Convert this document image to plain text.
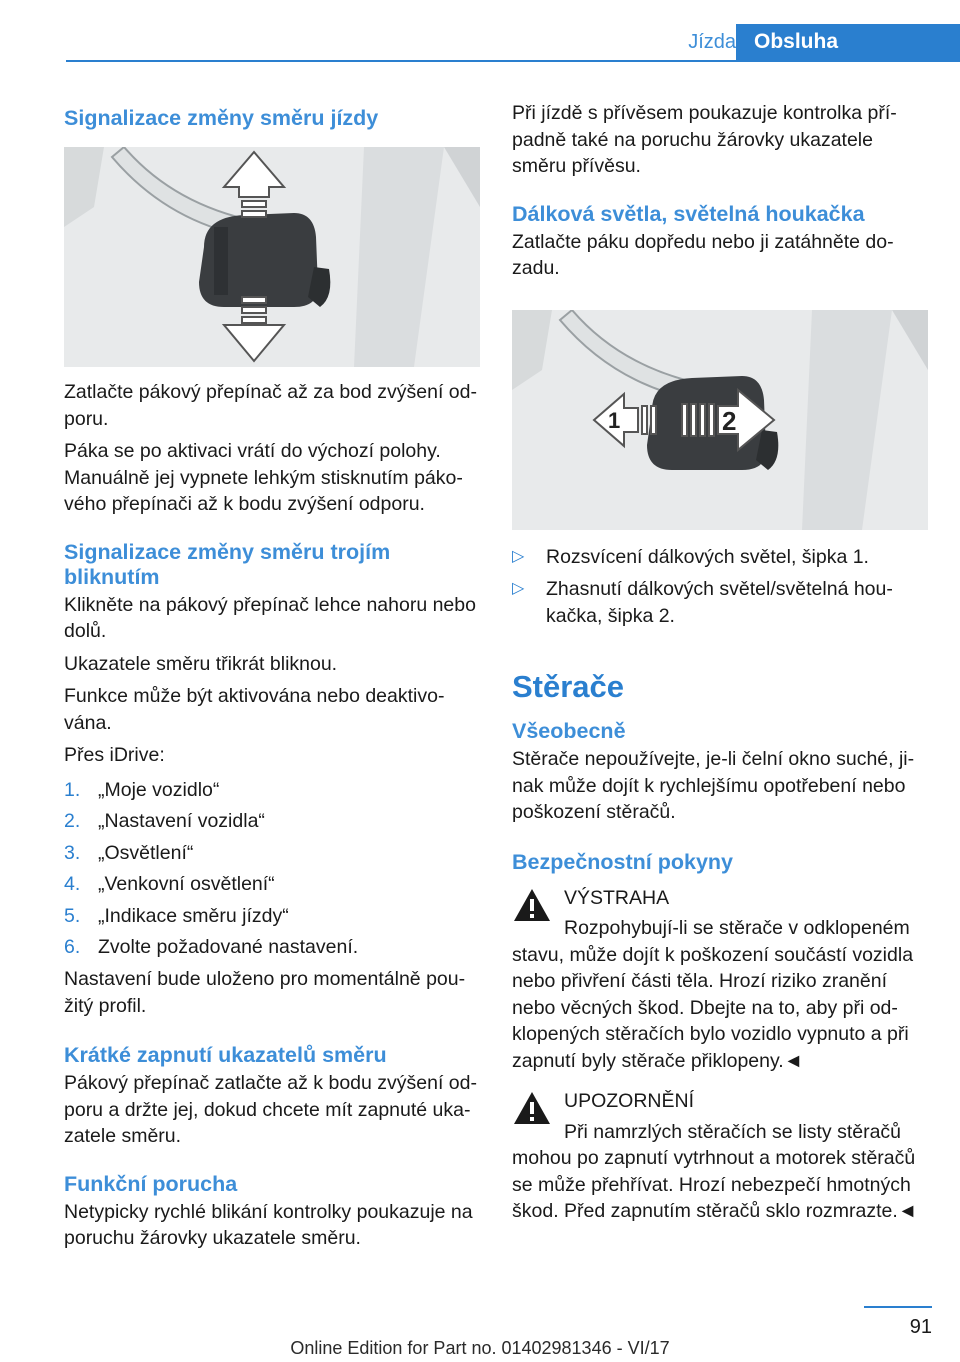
Jízda Obsluha
Signalizace změny směru jízdy

Zatlačte pákový přepínač až za bod zvýšení od-poru.

Páka se po aktivaci vrátí do výchozí polohy. Manuálně jej vypnete lehkým stisknutím páko-vého přepínači až k bodu zvýšení odporu.

Signalizace změny směru trojím bliknutím

Klikněte na pákový přepínač lehce nahoru nebo dolů.

Ukazatele směru třikrát bliknou.

Funkce může být aktivována nebo deaktivo-vána.

Přes iDrive:

1. „Moje vozidlo“
2. „Nastavení vozidla“
3. „Osvětlení“
4. „Venkovní osvětlení“
5. „Indikace směru jízdy“
6. Zvolte požadované nastavení.

Nastavení bude uloženo pro momentálně pou-žitý profil.

Krátké zapnutí ukazatelů směru

Pákový přepínač zatlačte až k bodu zvýšení od-poru a držte jej, dokud chcete mít zapnuté uka-zatele směru.

Funkční porucha

Netypicky rychlé blikání kontrolky poukazuje na poruchu žárovky ukazatele směru.

Při jízdě s přívěsem poukazuje kontrolka pří-padně také na poruchu žárovky ukazatele směru přívěsu.

Dálková světla, světelná houkačka

Zatlačte páku dopředu nebo ji zatáhněte do-zadu.

1	2
▷ Rozsvícení dálkových světel, šipka 1.
▷ Zhasnutí dálkových světel/světelná hou-kačka, šipka 2.
Stěrače
Všeobecně

Stěrače nepoužívejte, je-li čelní okno suché, ji-nak může dojít k rychlejšímu opotřebení nebo poškození stěračů.

Bezpečnostní pokyny
VÝSTRAHA

Rozpohybují-li se stěrače v odklopeném

stavu, může dojít k poškození součástí vozidla nebo přivření části těla. Hrozí riziko zranění nebo věcných škod. Dbejte na to, aby při od-klopených stěračích bylo vozidlo vypnuto a při zapnutí byly stěrače přiklopeny.◄

UPOZORNĚNÍ

Při namrzlých stěračích se listy stěračů

mohou po zapnutí vytrhnout a motorek stěračů se může přehřívat. Hrozí nebezpečí hmotných škod. Před zapnutím stěračů sklo rozmrazte.◄

91
Online Edition for Part no. 01402981346 - VI/17
